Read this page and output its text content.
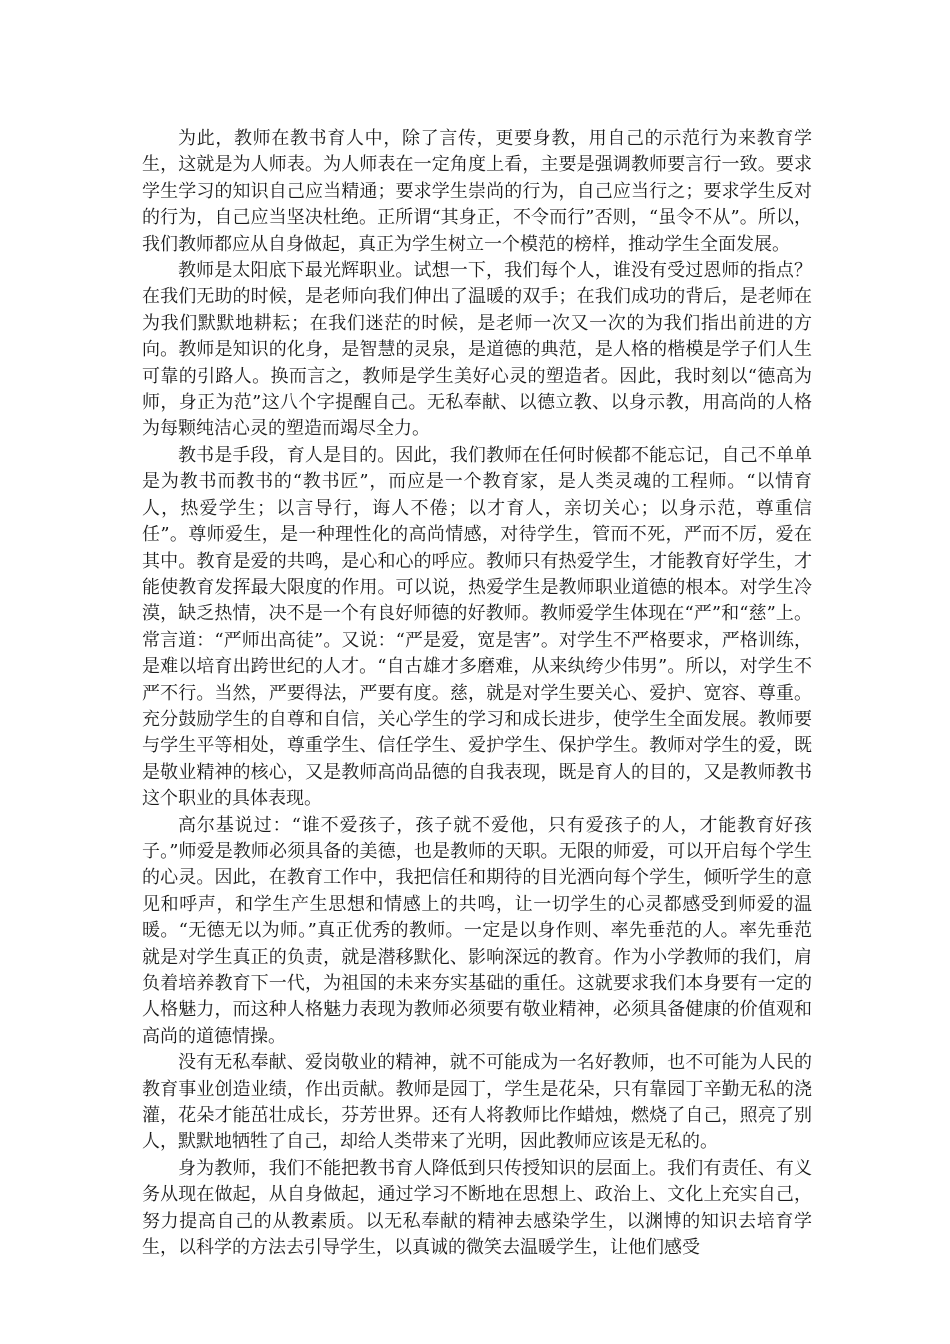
为此，教师在教书育人中，除了言传，更要身教，用自己的示范行为来教育学生，这就是为人师表。为人师表在一定角度上看，主要是强调教师要言行一致。要求学生学习的知识自己应当精通；要求学生崇尚的行为，自己应当行之；要求学生反对的行为，自己应当坚决杜绝。正所谓“其身正，不令而行”否则，“虽令不从”。所以，我们教师都应从自身做起，真正为学生树立一个模范的榜样，推动学生全面发展。

教师是太阳底下最光辉职业。试想一下，我们每个人，谁没有受过恩师的指点？在我们无助的时候，是老师向我们伸出了温暖的双手；在我们成功的背后，是老师在为我们默默地耕耘；在我们迷茫的时候，是老师一次又一次的为我们指出前进的方向。教师是知识的化身，是智慧的灵泉，是道德的典范，是人格的楷模是学子们人生可靠的引路人。换而言之，教师是学生美好心灵的塑造者。因此，我时刻以“德高为师，身正为范”这八个字提醒自己。无私奉献、以德立教、以身示教，用高尚的人格为每颗纯洁心灵的塑造而竭尽全力。

教书是手段，育人是目的。因此，我们教师在任何时候都不能忘记，自己不单单是为教书而教书的“教书匠”，而应是一个教育家，是人类灵魂的工程师。“以情育人，热爱学生；以言导行，诲人不倦；以才育人，亲切关心；以身示范，尊重信任”。尊师爱生，是一种理性化的高尚情感，对待学生，管而不死，严而不厉，爱在其中。教育是爱的共鸣，是心和心的呼应。教师只有热爱学生，才能教育好学生，才能使教育发挥最大限度的作用。可以说，热爱学生是教师职业道德的根本。对学生冷漠，缺乏热情，决不是一个有良好师德的好教师。教师爱学生体现在“严”和“慈”上。常言道：“严师出高徒”。又说：“严是爱，宽是害”。对学生不严格要求，严格训练，是难以培育出跨世纪的人才。“自古雄才多磨难，从来纨绔少伟男”。所以，对学生不严不行。当然，严要得法，严要有度。慈，就是对学生要关心、爱护、宽容、尊重。充分鼓励学生的自尊和自信，关心学生的学习和成长进步，使学生全面发展。教师要与学生平等相处，尊重学生、信任学生、爱护学生、保护学生。教师对学生的爱，既是敬业精神的核心，又是教师高尚品德的自我表现，既是育人的目的，又是教师教书这个职业的具体表现。

高尔基说过：“谁不爱孩子，孩子就不爱他，只有爱孩子的人，才能教育好孩子。”师爱是教师必须具备的美德，也是教师的天职。无限的师爱，可以开启每个学生的心灵。因此，在教育工作中，我把信任和期待的目光洒向每个学生，倾听学生的意见和呼声，和学生产生思想和情感上的共鸣，让一切学生的心灵都感受到师爱的温暖。“无德无以为师。”真正优秀的教师。一定是以身作则、率先垂范的人。率先垂范就是对学生真正的负责，就是潜移默化、影响深远的教育。作为小学教师的我们，肩负着培养教育下一代，为祖国的未来夯实基础的重任。这就要求我们本身要有一定的人格魅力，而这种人格魅力表现为教师必须要有敬业精神，必须具备健康的价值观和高尚的道德情操。

没有无私奉献、爱岗敬业的精神，就不可能成为一名好教师，也不可能为人民的教育事业创造业绩，作出贡献。教师是园丁，学生是花朵，只有靠园丁辛勤无私的浇灌，花朵才能茁壮成长，芬芳世界。还有人将教师比作蜡烛，燃烧了自己，照亮了别人，默默地牺牲了自己，却给人类带来了光明，因此教师应该是无私的。

身为教师，我们不能把教书育人降低到只传授知识的层面上。我们有责任、有义务从现在做起，从自身做起，通过学习不断地在思想上、政治上、文化上充实自己，努力提高自己的从教素质。以无私奉献的精神去感染学生，以渊博的知识去培育学生，以科学的方法去引导学生，以真诚的微笑去温暖学生，让他们感受
